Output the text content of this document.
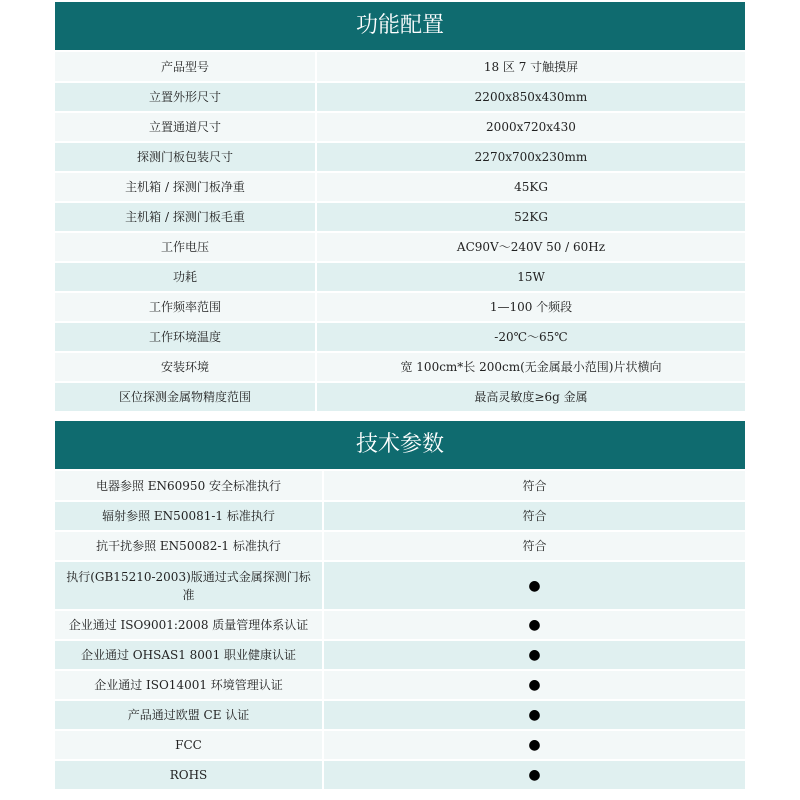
功能配置
产品型号	18 区 7 寸触摸屏
立置外形尺寸	2200x850x430mm
立置通道尺寸	2000x720x430
探测门板包装尺寸	2270x700x230mm
主机箱 / 探测门板净重	45KG
主机箱 / 探测门板毛重	52KG
工作电压	AC90V～240V 50 / 60Hz
功耗	15W
工作频率范围	1—100 个频段
工作环境温度	-20℃～65℃
安装环境	宽 100cm*长 200cm(无金属最小范围)片状横向
区位探测金属物精度范围	最高灵敏度≥6g 金属
技术参数
电器参照 EN60950 安全标准执行	符合
辐射参照 EN50081-1 标准执行	符合
抗干扰参照 EN50082-1 标准执行	符合
执行(GB15210-2003)版通过式金属探测门标准	●
企业通过 ISO9001:2008 质量管理体系认证	●
企业通过 OHSAS1 8001 职业健康认证	●
企业通过 ISO14001 环境管理认证	●
产品通过欧盟 CE 认证	●
FCC	●
ROHS	●
